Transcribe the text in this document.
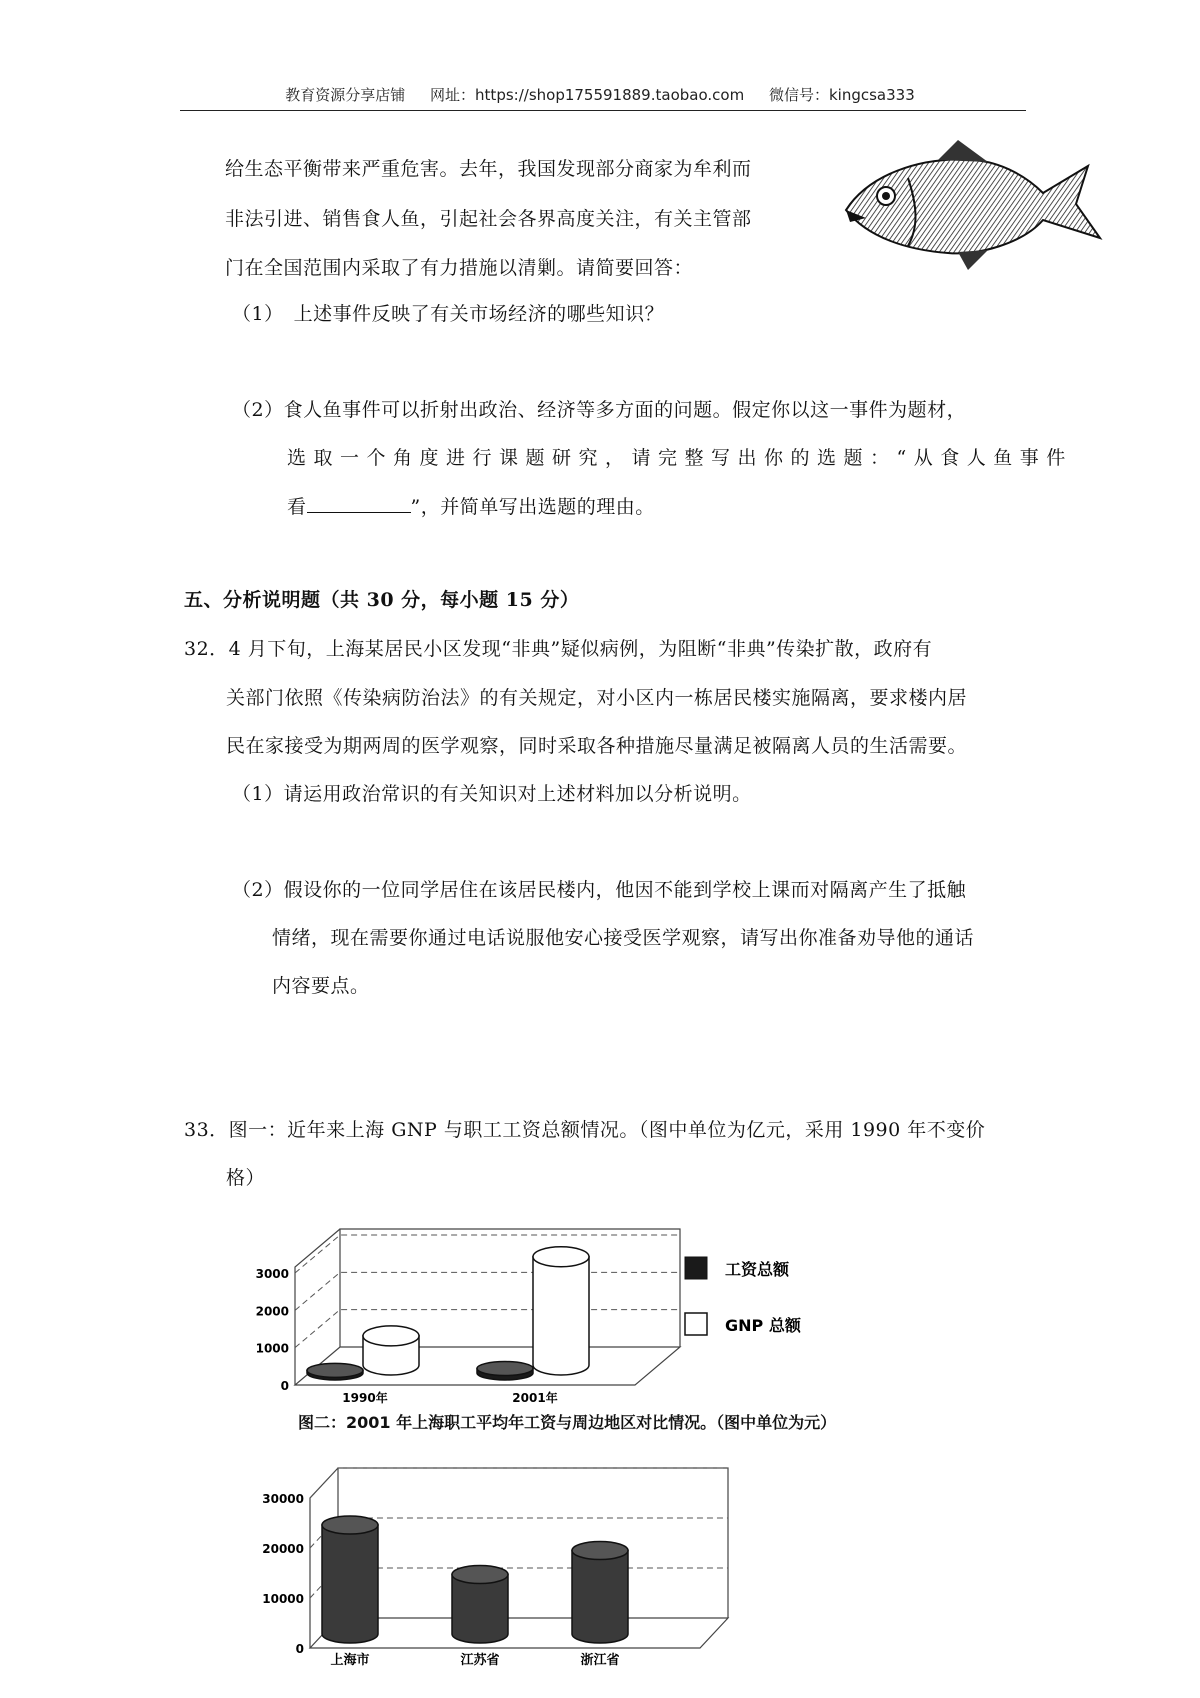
教育资源分享店铺 网址：https://shop175591889.taobao.com 微信号：kingcsa333
给生态平衡带来严重危害。去年，我国发现部分商家为牟利而
非法引进、销售食人鱼，引起社会各界高度关注，有关主管部
门在全国范围内采取了有力措施以清剿。请简要回答：
（1）　上述事件反映了有关市场经济的哪些知识？
（2）食人鱼事件可以折射出政治、经济等多方面的问题。假定你以这一事件为题材，
选取一个角度进行课题研究，请完整写出你的选题：“从食人鱼事件
看	”，并简单写出选题的理由。
五、分析说明题（共 30 分，每小题 15 分）
32．4 月下旬，上海某居民小区发现“非典”疑似病例，为阻断“非典”传染扩散，政府有
关部门依照《传染病防治法》的有关规定，对小区内一栋居民楼实施隔离，要求楼内居
民在家接受为期两周的医学观察，同时采取各种措施尽量满足被隔离人员的生活需要。
（1）请运用政治常识的有关知识对上述材料加以分析说明。
（2）假设你的一位同学居住在该居民楼内，他因不能到学校上课而对隔离产生了抵触
情绪，现在需要你通过电话说服他安心接受医学观察，请写出你准备劝导他的通话
内容要点。
33．图一：近年来上海 GNP 与职工工资总额情况。（图中单位为亿元，采用 1990 年不变价
格）
0
1000
2000
3000
1990年	2001年
工资总额
GNP 总额
图二：2001 年上海职工平均年工资与周边地区对比情况。（图中单位为元）
0
10000
20000
30000
上海市	江苏省	浙江省
